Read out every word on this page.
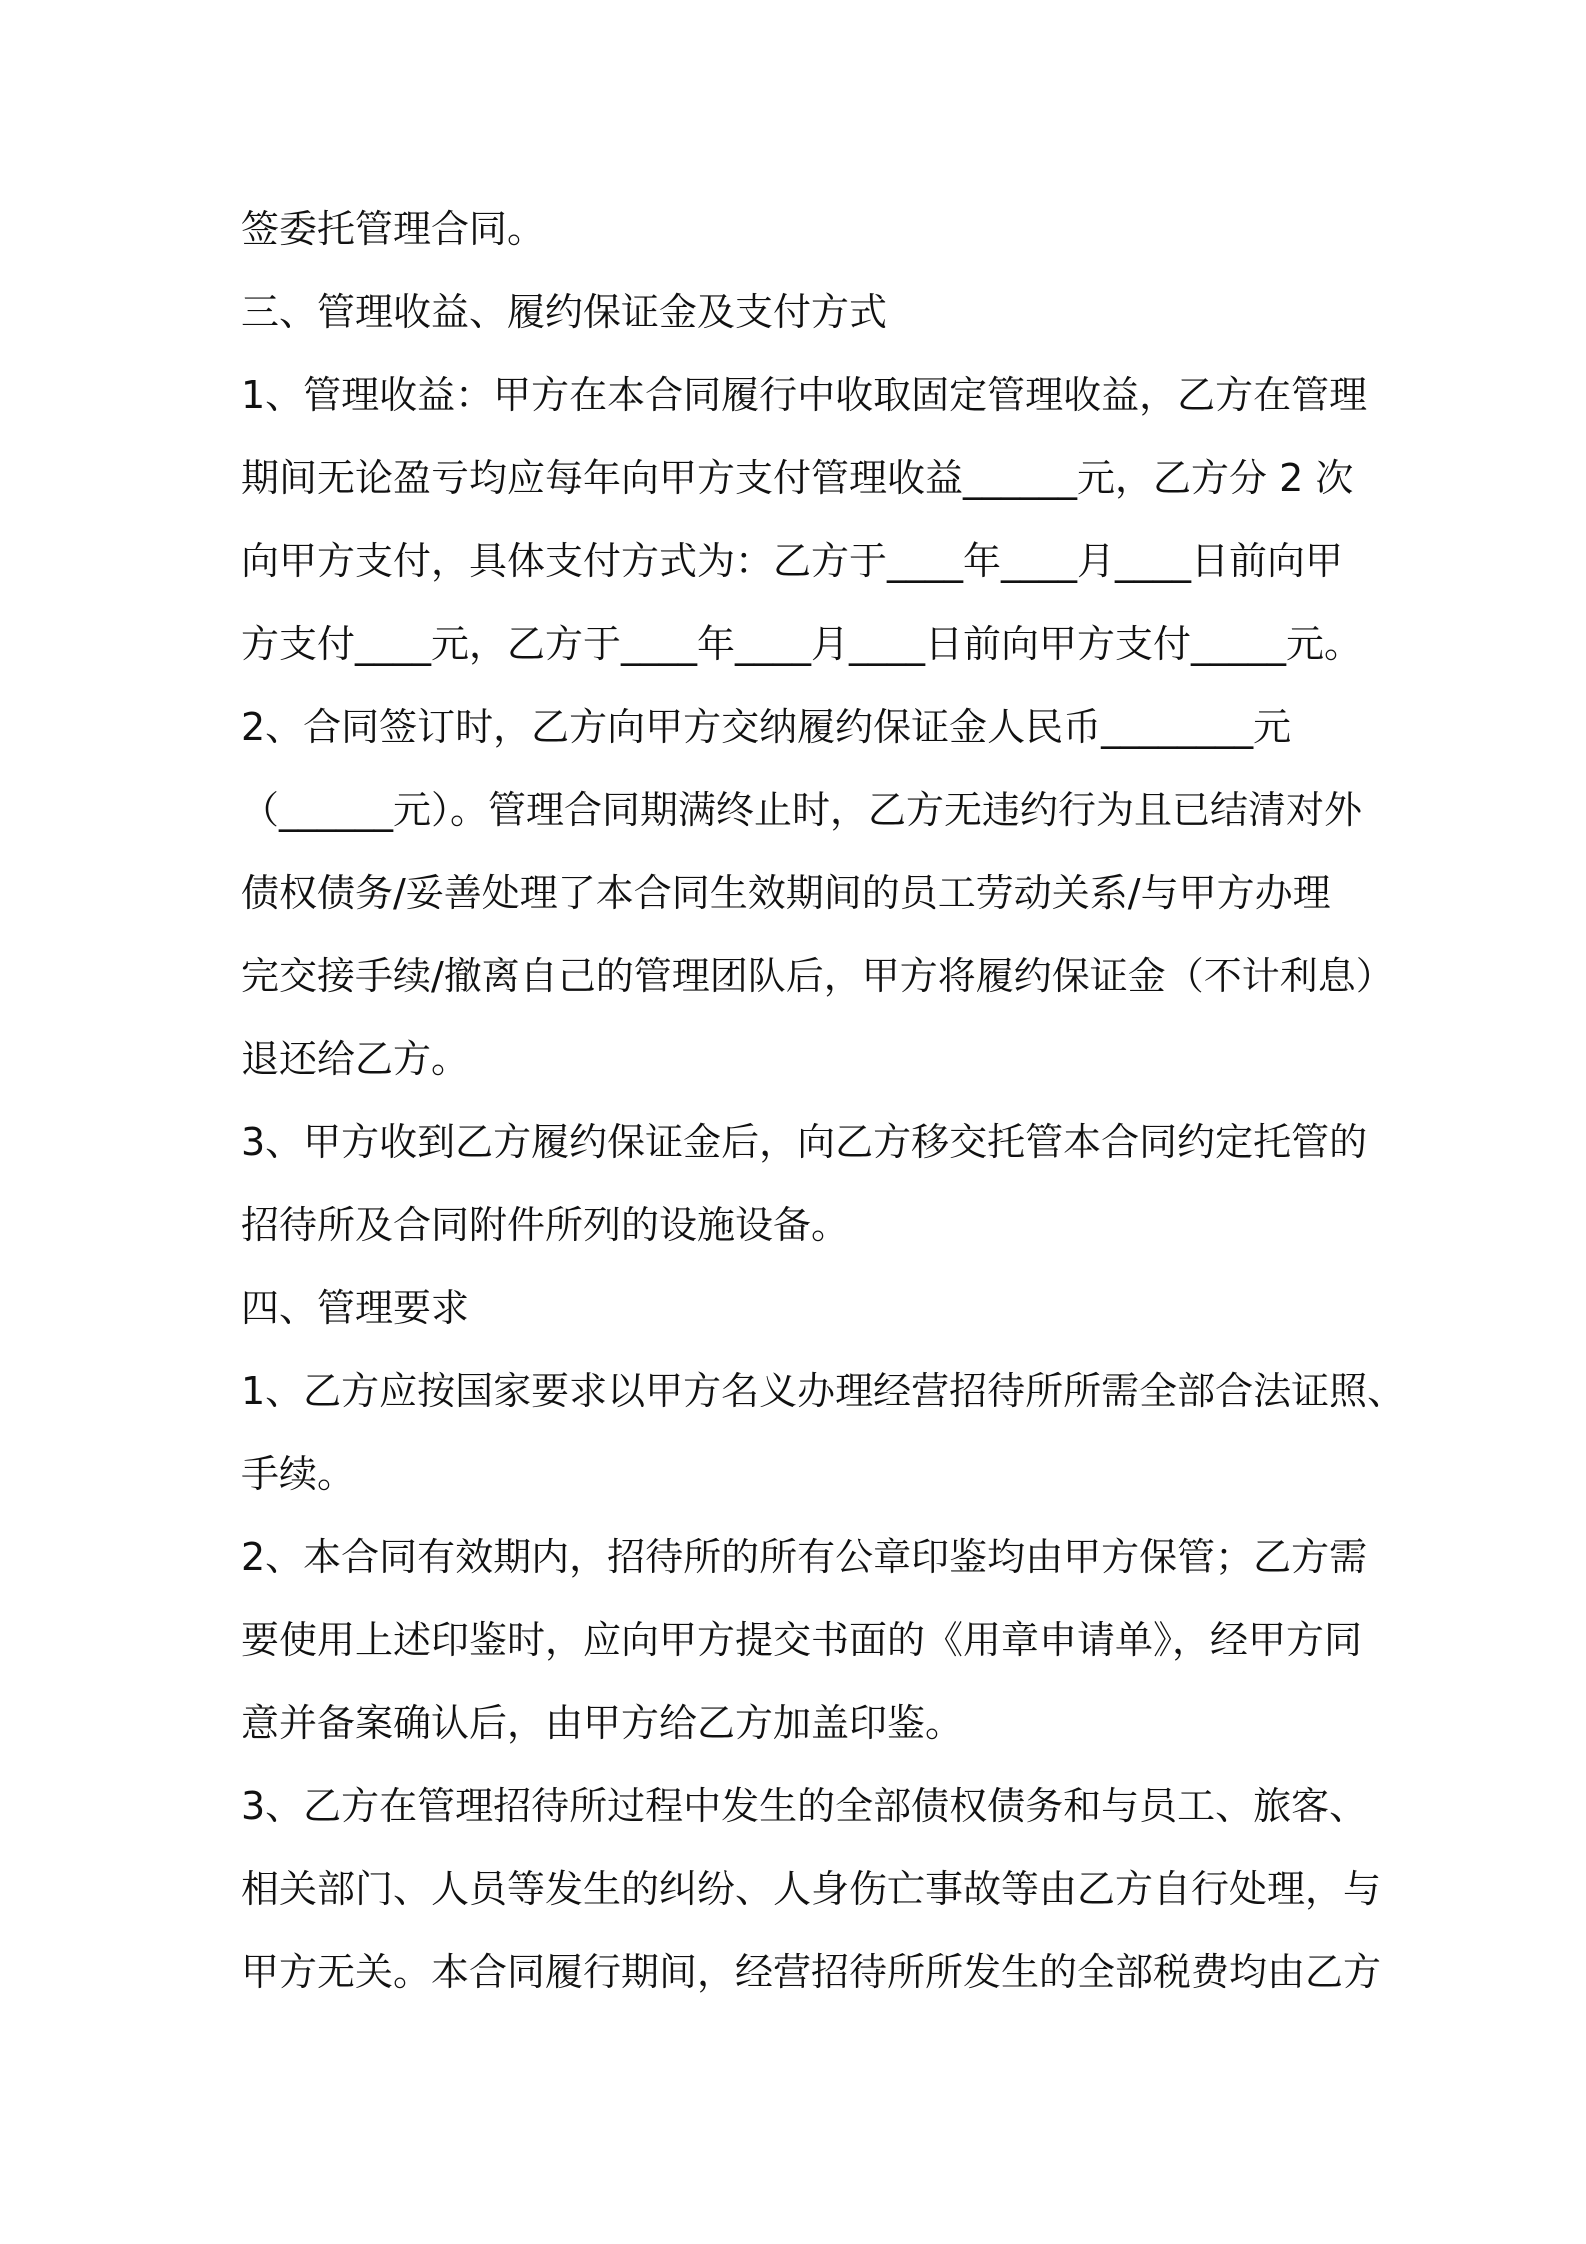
签委托管理合同。
三、管理收益、履约保证金及支付方式
1、管理收益：甲方在本合同履行中收取固定管理收益，乙方在管理
期间无论盈亏均应每年向甲方支付管理收益______元，乙方分 2 次
向甲方支付，具体支付方式为：乙方于____年____月____日前向甲
方支付____元，乙方于____年____月____日前向甲方支付_____元。
2、合同签订时，乙方向甲方交纳履约保证金人民币________元
（______元）。管理合同期满终止时，乙方无违约行为且已结清对外
债权债务/妥善处理了本合同生效期间的员工劳动关系/与甲方办理
完交接手续/撤离自己的管理团队后，甲方将履约保证金（不计利息）
退还给乙方。
3、甲方收到乙方履约保证金后，向乙方移交托管本合同约定托管的
招待所及合同附件所列的设施设备。
四、管理要求
1、乙方应按国家要求以甲方名义办理经营招待所所需全部合法证照、
手续。
2、本合同有效期内，招待所的所有公章印鉴均由甲方保管；乙方需
要使用上述印鉴时，应向甲方提交书面的《用章申请单》，经甲方同
意并备案确认后，由甲方给乙方加盖印鉴。
3、乙方在管理招待所过程中发生的全部债权债务和与员工、旅客、
相关部门、人员等发生的纠纷、人身伤亡事故等由乙方自行处理，与
甲方无关。本合同履行期间，经营招待所所发生的全部税费均由乙方
